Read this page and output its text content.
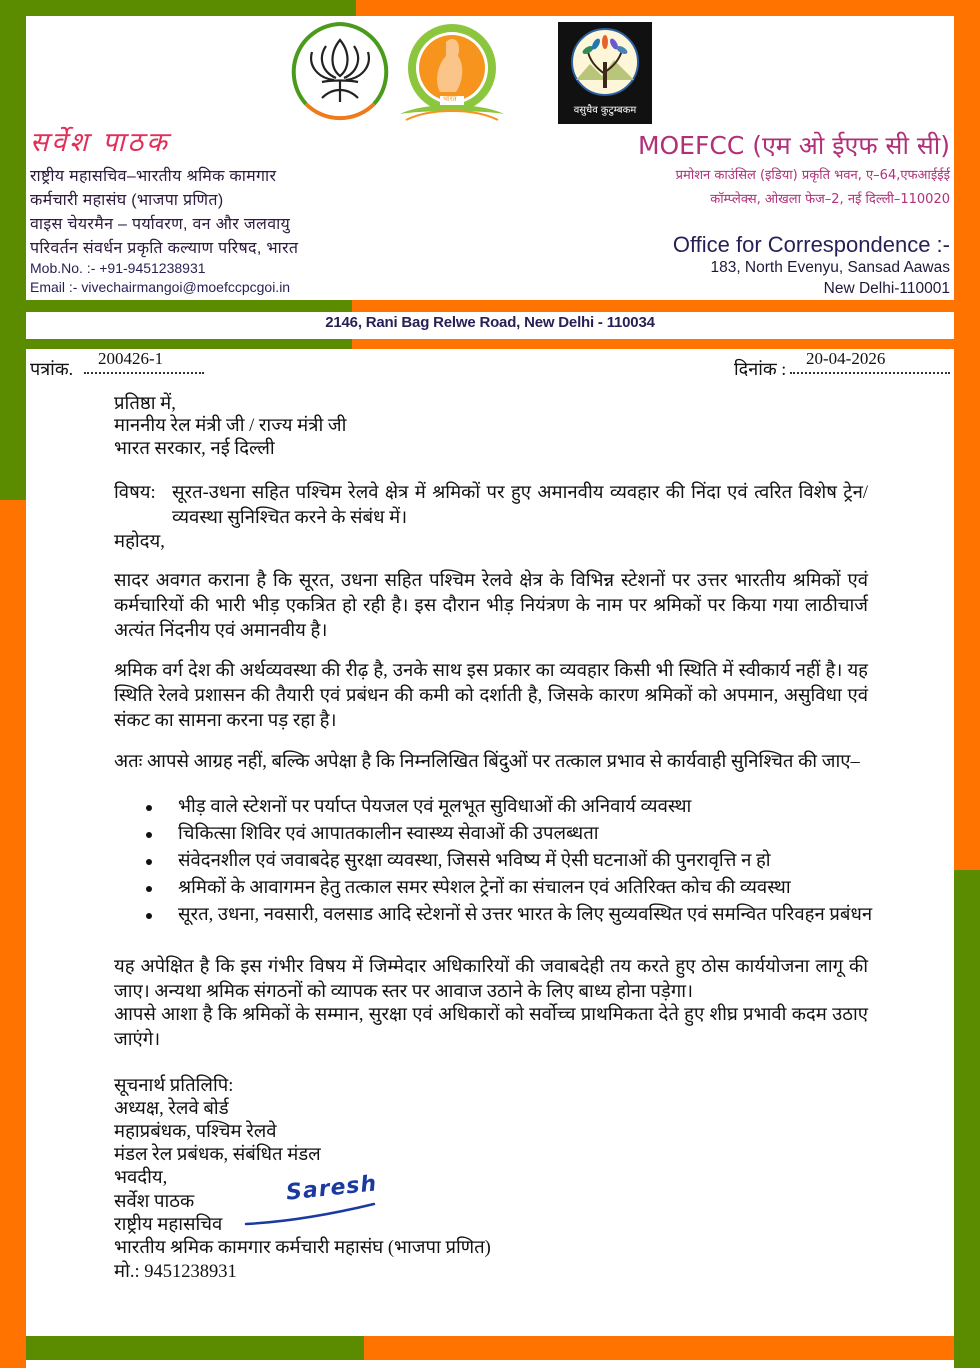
भारत
वसुधैव कुटुम्बकम
सर्वेश पाठक
राष्ट्रीय महासचिव–भारतीय श्रमिक कामगार
कर्मचारी महासंघ (भाजपा प्रणित)
वाइस चेयरमैन – पर्यावरण, वन और जलवायु
परिवर्तन संवर्धन प्रकृति कल्याण परिषद, भारत
Mob.No. :- +91-9451238931
Email :- vivechairmangoi@moefccpcgoi.in
MOEFCC (एम ओ ईएफ सी सी)
प्रमोशन काउंसिल (इडिया) प्रकृति भवन, ए–64,एफआईईई
कॉम्प्लेक्स, ओखला फेज–2, नई दिल्ली–110020
Office for Correspondence :-
183, North Evenyu, Sansad Aawas
New Delhi-110001
2146, Rani Bag Relwe Road, New Delhi - 110034
पत्रांक.
200426-1
दिनांक :
20-04-2026
प्रतिष्ठा में,
माननीय रेल मंत्री जी / राज्य मंत्री जी
भारत सरकार, नई दिल्ली
विषय: सूरत-उधना सहित पश्चिम रेलवे क्षेत्र में श्रमिकों पर हुए अमानवीय व्यवहार की निंदा एवं त्वरित विशेष ट्रेन/व्यवस्था सुनिश्चित करने के संबंध में।
महोदय,
सादर अवगत कराना है कि सूरत, उधना सहित पश्चिम रेलवे क्षेत्र के विभिन्न स्टेशनों पर उत्तर भारतीय श्रमिकों एवं कर्मचारियों की भारी भीड़ एकत्रित हो रही है। इस दौरान भीड़ नियंत्रण के नाम पर श्रमिकों पर किया गया लाठीचार्ज अत्यंत निंदनीय एवं अमानवीय है।
श्रमिक वर्ग देश की अर्थव्यवस्था की रीढ़ है, उनके साथ इस प्रकार का व्यवहार किसी भी स्थिति में स्वीकार्य नहीं है। यह स्थिति रेलवे प्रशासन की तैयारी एवं प्रबंधन की कमी को दर्शाती है, जिसके कारण श्रमिकों को अपमान, असुविधा एवं संकट का सामना करना पड़ रहा है।
अतः आपसे आग्रह नहीं, बल्कि अपेक्षा है कि निम्नलिखित बिंदुओं पर तत्काल प्रभाव से कार्यवाही सुनिश्चित की जाए–
भीड़ वाले स्टेशनों पर पर्याप्त पेयजल एवं मूलभूत सुविधाओं की अनिवार्य व्यवस्था
चिकित्सा शिविर एवं आपातकालीन स्वास्थ्य सेवाओं की उपलब्धता
संवेदनशील एवं जवाबदेह सुरक्षा व्यवस्था, जिससे भविष्य में ऐसी घटनाओं की पुनरावृत्ति न हो
श्रमिकों के आवागमन हेतु तत्काल समर स्पेशल ट्रेनों का संचालन एवं अतिरिक्त कोच की व्यवस्था
सूरत, उधना, नवसारी, वलसाड आदि स्टेशनों से उत्तर भारत के लिए सुव्यवस्थित एवं समन्वित परिवहन प्रबंधन
यह अपेक्षित है कि इस गंभीर विषय में जिम्मेदार अधिकारियों की जवाबदेही तय करते हुए ठोस कार्ययोजना लागू की जाए। अन्यथा श्रमिक संगठनों को व्यापक स्तर पर आवाज उठाने के लिए बाध्य होना पड़ेगा।
आपसे आशा है कि श्रमिकों के सम्मान, सुरक्षा एवं अधिकारों को सर्वोच्च प्राथमिकता देते हुए शीघ्र प्रभावी कदम उठाए जाएंगे।
सूचनार्थ प्रतिलिपि:
अध्यक्ष, रेलवे बोर्ड
महाप्रबंधक, पश्चिम रेलवे
मंडल रेल प्रबंधक, संबंधित मंडल
भवदीय,
सर्वेश पाठक
राष्ट्रीय महासचिव
भारतीय श्रमिक कामगार कर्मचारी महासंघ (भाजपा प्रणित)
मो.: 9451238931
Saresh
